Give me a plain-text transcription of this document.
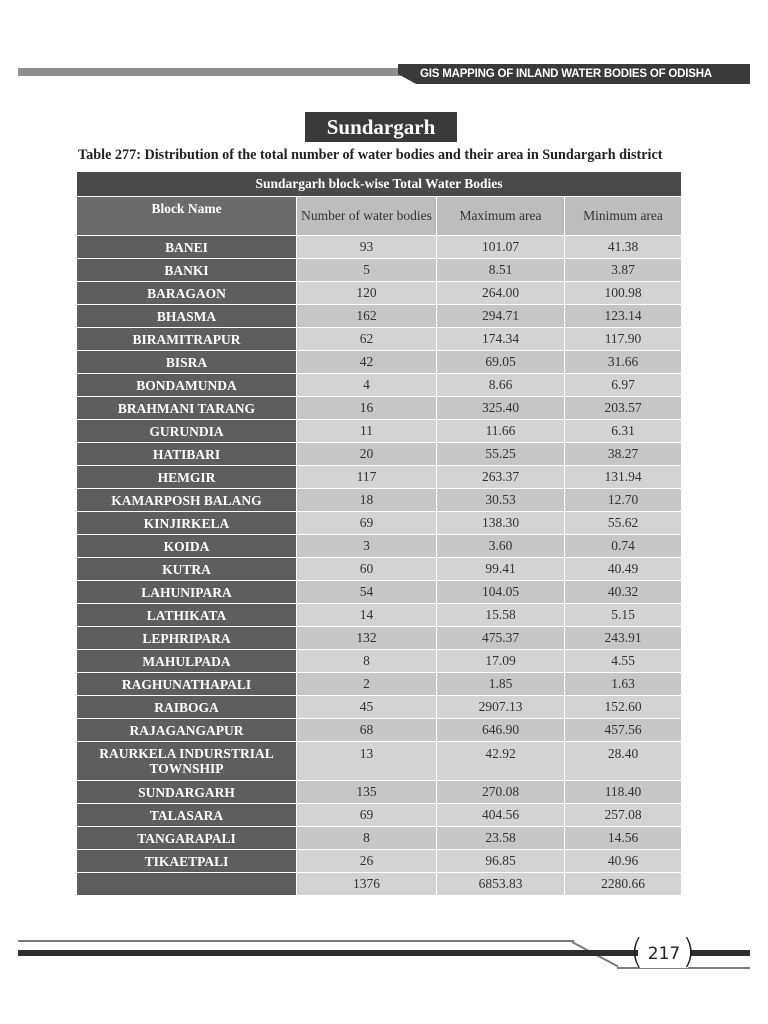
GIS MAPPING OF INLAND WATER BODIES OF ODISHA
Sundargarh
Table 277: Distribution of the total number of water bodies and their area in Sundargarh district
Sundargarh block-wise Total Water Bodies			
Block Name	Number of water bodies	Maximum area	Minimum area
BANEI	93	101.07	41.38
BANKI	5	8.51	3.87
BARAGAON	120	264.00	100.98
BHASMA	162	294.71	123.14
BIRAMITRAPUR	62	174.34	117.90
BISRA	42	69.05	31.66
BONDAMUNDA	4	8.66	6.97
BRAHMANI TARANG	16	325.40	203.57
GURUNDIA	11	11.66	6.31
HATIBARI	20	55.25	38.27
HEMGIR	117	263.37	131.94
KAMARPOSH BALANG	18	30.53	12.70
KINJIRKELA	69	138.30	55.62
KOIDA	3	3.60	0.74
KUTRA	60	99.41	40.49
LAHUNIPARA	54	104.05	40.32
LATHIKATA	14	15.58	5.15
LEPHRIPARA	132	475.37	243.91
MAHULPADA	8	17.09	4.55
RAGHUNATHAPALI	2	1.85	1.63
RAIBOGA	45	2907.13	152.60
RAJAGANGAPUR	68	646.90	457.56
RAURKELA INDURSTRIAL TOWNSHIP	13	42.92	28.40
SUNDARGARH	135	270.08	118.40
TALASARA	69	404.56	257.08
TANGARAPALI	8	23.58	14.56
TIKAETPALI	26	96.85	40.96
	1376	6853.83	2280.66
217
( )
